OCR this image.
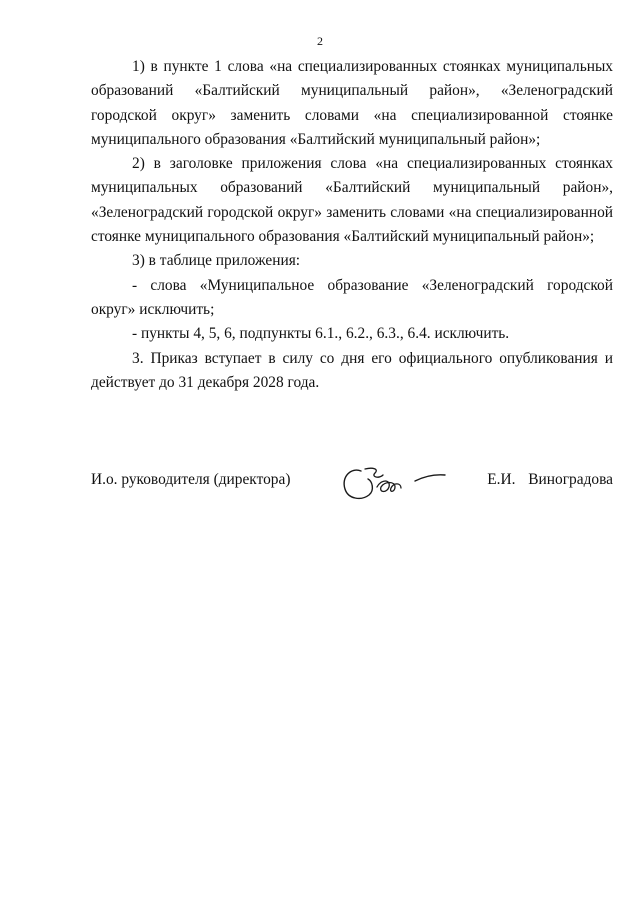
2

1) в пункте 1 слова «на специализированных стоянках муниципальных образований «Балтийский муниципальный район», «Зеленоградский городской округ» заменить словами «на специализированной стоянке муниципального образования «Балтийский муниципальный район»;

2) в заголовке приложения слова «на специализированных стоянках муниципальных образований «Балтийский муниципальный район», «Зеленоградский городской округ» заменить словами «на специализированной стоянке муниципального образования «Балтийский муниципальный район»;

3) в таблице приложения:

- слова «Муниципальное образование «Зеленоградский городской округ» исключить;

- пункты 4, 5, 6, подпункты 6.1., 6.2., 6.3., 6.4. исключить.

3. Приказ вступает в силу со дня его официального опубликования и действует до 31 декабря 2028 года.

И.о. руководителя (директора)	Е.И. Виноградова
